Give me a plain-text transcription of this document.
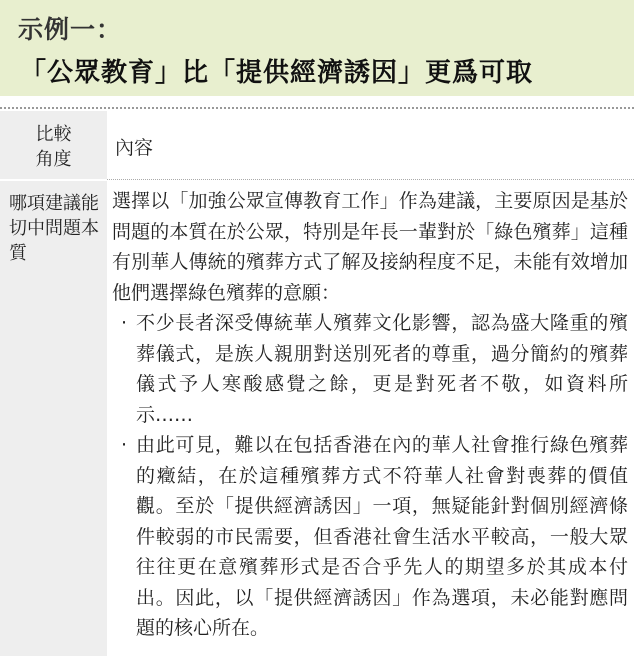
示例一：
「公眾教育」比「提供經濟誘因」更爲可取
比較
角度
內容
哪項建議能切中問題本質

選擇以「加強公眾宣傳教育工作」作為建議，主要原因是基於問題的本質在於公眾，特別是年長一輩對於「綠色殯葬」這種有別華人傳統的殯葬方式了解及接納程度不足，未能有效增加他們選擇綠色殯葬的意願：

· 不少長者深受傳統華人殯葬文化影響，認為盛大隆重的殯葬儀式，是族人親朋對送別死者的尊重，過分簡約的殯葬儀式予人寒酸感覺之餘，更是對死者不敬，如資料所示……

· 由此可見，難以在包括香港在內的華人社會推行綠色殯葬的癥結，在於這種殯葬方式不符華人社會對喪葬的價值觀。至於「提供經濟誘因」一項，無疑能針對個別經濟條件較弱的市民需要，但香港社會生活水平較高，一般大眾往往更在意殯葬形式是否合乎先人的期望多於其成本付出。因此，以「提供經濟誘因」作為選項，未必能對應問題的核心所在。
